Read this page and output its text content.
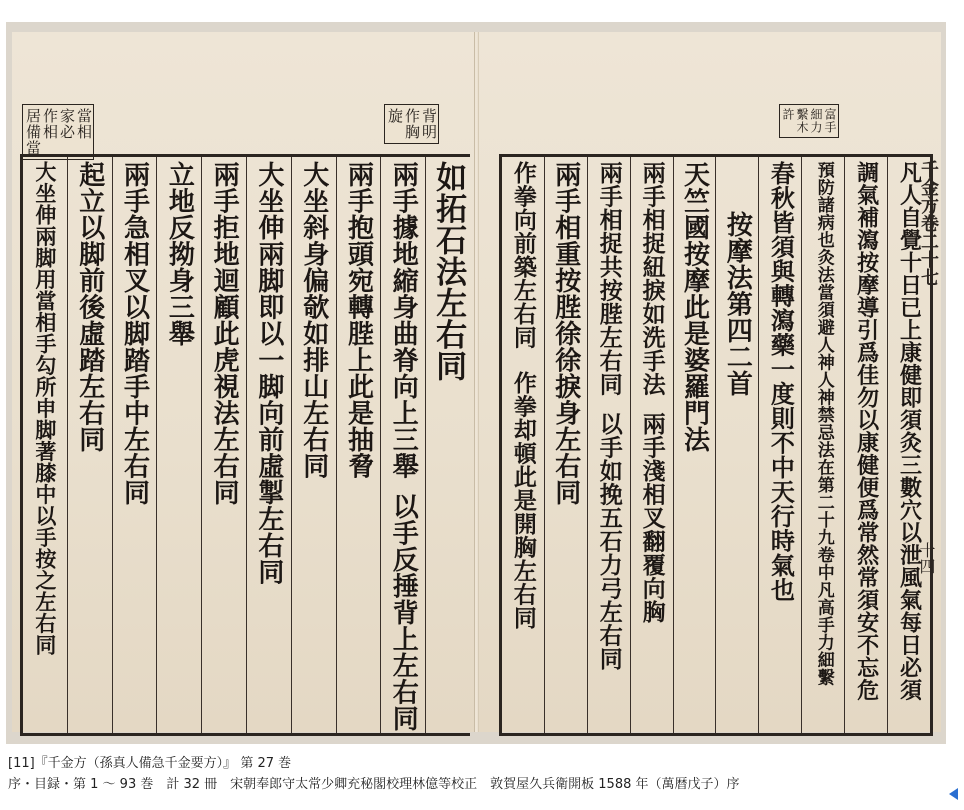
背明
作胸
旋
當相
家必
作相
居備當
如拓石法左右同
兩手據地縮身曲脊向上三舉
以手反捶背上左右同
兩手抱頭宛轉䏶上此是抽脅
大坐斜身偏欹如排山左右同
大坐伸兩脚即以一脚向前虛掣左右同
兩手拒地迴顧此虎視法左右同
立地反拗身三舉
兩手急相叉以脚踏手中左右同
起立以脚前後虛踏左右同
大坐伸兩脚用當相手勾所申脚著膝中以手按之左右同
富手
細力
繫木
許
千金方卷二十七
十四
凡人自覺十日已上康健即須灸三數穴以泄風氣每日必須
調氣補瀉按摩導引爲佳勿以康健便爲常然常須安不忘危
預防諸病也灸法當須避人神人神禁忌法在第二十九卷中凡高手力細繫
春秋皆須與轉瀉藥一度則不中天行時氣也
按摩法第四二首
天竺國按摩此是婆羅門法
兩手相捉紐捩如洗手法
兩手淺相叉翻覆向胸
兩手相捉共按䏶左右同
以手如挽五石力弓左右同
兩手相重按䏶徐徐捩身左右同
作拳向前築左右同
作拳却頓此是開胸左右同
[11]『千金方（孫真人備急千金要方）』 第 27 巻
序・目録・第 1 ～ 93 巻　計 32 冊　宋朝奉郎守太常少卿充秘閣校理林億等校正　敦賀屋久兵衛開板 1588 年（萬暦戊子）序
